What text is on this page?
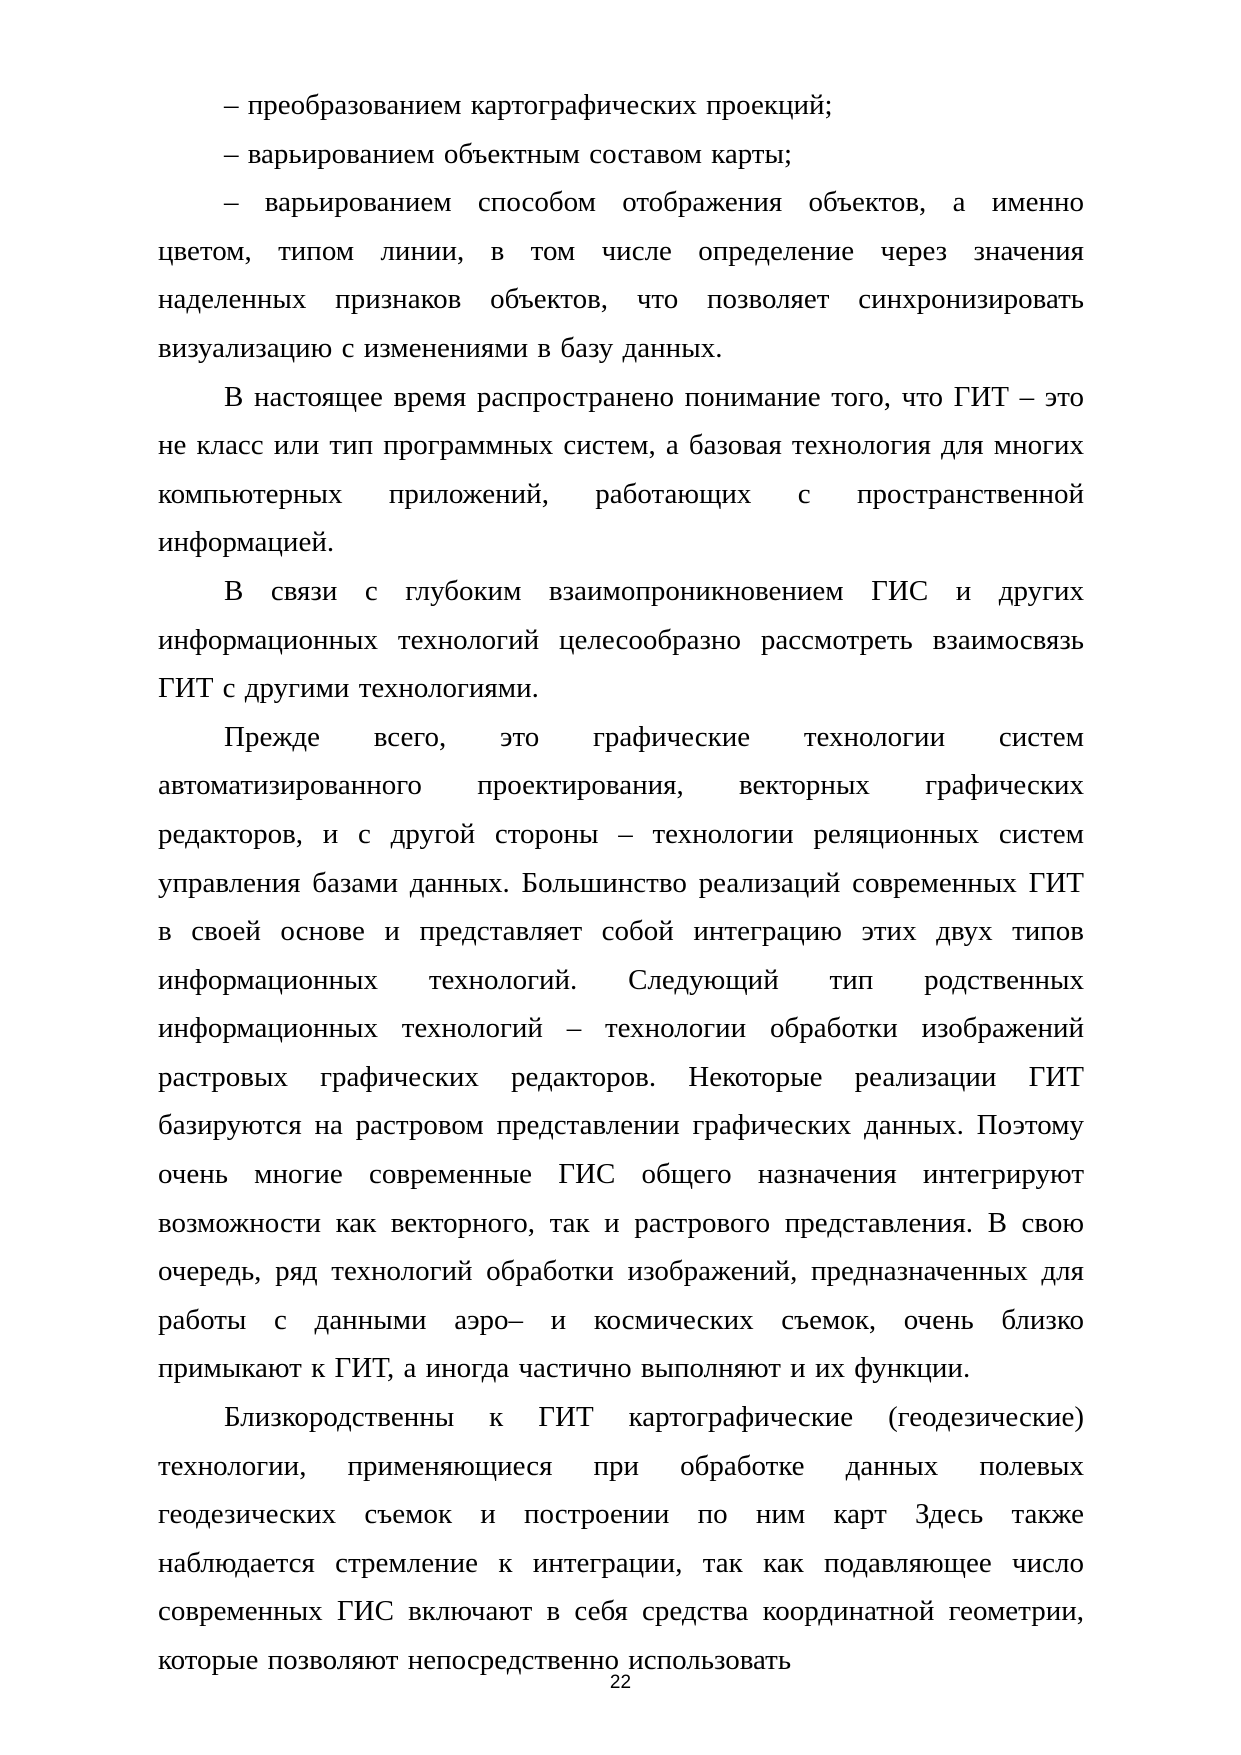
– преобразованием картографических проекций;

– варьированием объектным составом карты;

– варьированием способом отображения объектов, а именно цветом, типом линии, в том числе определение через значения наделенных признаков объектов, что позволяет синхронизировать визуализацию с изменениями в базу данных.

В настоящее время распространено понимание того, что ГИТ – это не класс или тип программных систем, а базовая технология для многих компьютерных приложений, работающих с пространственной информацией.

В связи с глубоким взаимопроникновением ГИС и других информационных технологий целесообразно рассмотреть взаимосвязь ГИТ с другими технологиями.

Прежде всего, это графические технологии систем автоматизированного проектирования, векторных графических редакторов, и с другой стороны – технологии реляционных систем управления базами данных. Большинство реализаций современных ГИТ в своей основе и представляет собой интеграцию этих двух типов информационных технологий. Следующий тип родственных информационных технологий – технологии обработки изображений растровых графических редакторов. Некоторые реализации ГИТ базируются на растровом представлении графических данных. Поэтому очень многие современные ГИС общего назначения интегрируют возможности как векторного, так и растрового представления. В свою очередь, ряд технологий обработки изображений, предназначенных для работы с данными аэро– и космических съемок, очень близко примыкают к ГИТ, а иногда частично выполняют и их функции.

Близкородственны к ГИТ картографические (геодезические) технологии, применяющиеся при обработке данных полевых геодезических съемок и построении по ним карт Здесь также наблюдается стремление к интеграции, так как подавляющее число современных ГИС включают в себя средства координатной геометрии, которые позволяют непосредственно использовать

22
